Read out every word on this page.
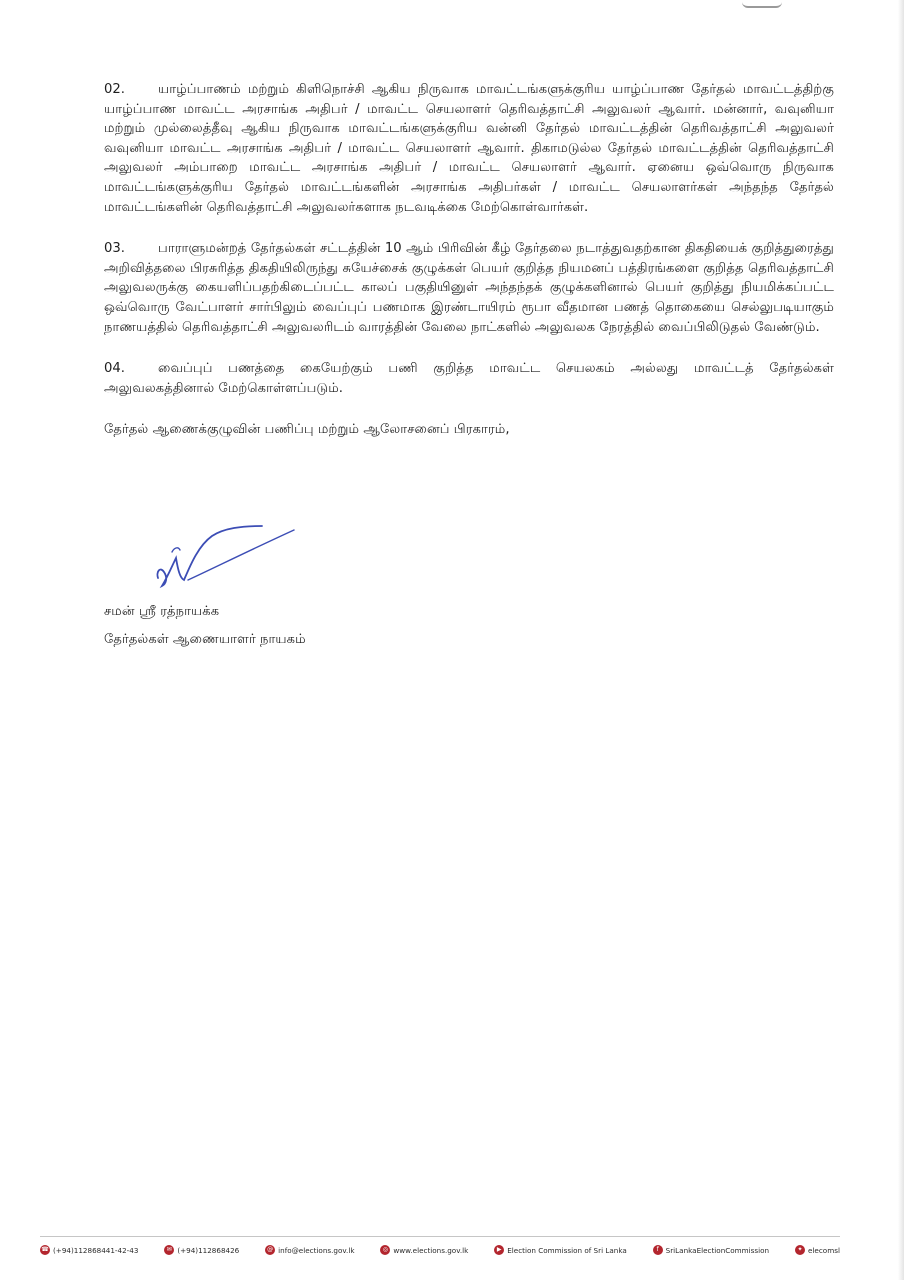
02.	யாழ்ப்பாணம் மற்றும் கிளிநொச்சி ஆகிய நிருவாக மாவட்டங்களுக்குரிய யாழ்ப்பாண தேர்தல் மாவட்டத்திற்கு யாழ்ப்பாண மாவட்ட அரசாங்க அதிபர் / மாவட்ட செயலாளர் தெரிவத்தாட்சி அலுவலர் ஆவார். மன்னார், வவுனியா மற்றும் முல்லைத்தீவு ஆகிய நிருவாக மாவட்டங்களுக்குரிய வன்னி தேர்தல் மாவட்டத்தின் தெரிவத்தாட்சி அலுவலர் வவுனியா மாவட்ட அரசாங்க அதிபர் / மாவட்ட செயலாளர் ஆவார். திகாமடுல்ல தேர்தல் மாவட்டத்தின் தெரிவத்தாட்சி அலுவலர் அம்பாறை மாவட்ட அரசாங்க அதிபர் / மாவட்ட செயலாளர் ஆவார். ஏனைய ஒவ்வொரு நிருவாக மாவட்டங்களுக்குரிய தேர்தல் மாவட்டங்களின் அரசாங்க அதிபர்கள் / மாவட்ட செயலாளர்கள் அந்தந்த தேர்தல் மாவட்டங்களின் தெரிவத்தாட்சி அலுவலர்களாக நடவடிக்கை மேற்கொள்வார்கள்.

03.	பாராளுமன்றத் தேர்தல்கள் சட்டத்தின் 10 ஆம் பிரிவின் கீழ் தேர்தலை நடாத்துவதற்கான திகதியைக் குறித்துரைத்து அறிவித்தலை பிரசுரித்த திகதியிலிருந்து சுயேச்சைக் குழுக்கள் பெயர் குறித்த நியமனப் பத்திரங்களை குறித்த தெரிவத்தாட்சி அலுவலருக்கு கையளிப்பதற்கிடைப்பட்ட காலப் பகுதியினுள் அந்தந்தக் குழுக்களினால் பெயர் குறித்து நியமிக்கப்பட்ட ஒவ்வொரு வேட்பாளர் சார்பிலும் வைப்புப் பணமாக இரண்டாயிரம் ரூபா வீதமான பணத் தொகையை செல்லுபடியாகும் நாணயத்தில் தெரிவத்தாட்சி அலுவலரிடம் வாரத்தின் வேலை நாட்களில் அலுவலக நேரத்தில் வைப்பிலிடுதல் வேண்டும்.

04.	வைப்புப் பணத்தை கையேற்கும் பணி குறித்த மாவட்ட செயலகம் அல்லது மாவட்டத் தேர்தல்கள் அலுவலகத்தினால் மேற்கொள்ளப்படும்.

தேர்தல் ஆணைக்குழுவின் பணிப்பு மற்றும் ஆலோசனைப் பிரகாரம்,

சமன் ஸ்ரீ ரத்நாயக்க
தேர்தல்கள் ஆணையாளர் நாயகம்
☎ (+94)112868441-42-43	✉ (+94)112868426	@ info@elections.gov.lk	◎ www.elections.gov.lk	▶ Election Commission of Sri Lanka	f SriLankaElectionCommission	✦ elecomsl
